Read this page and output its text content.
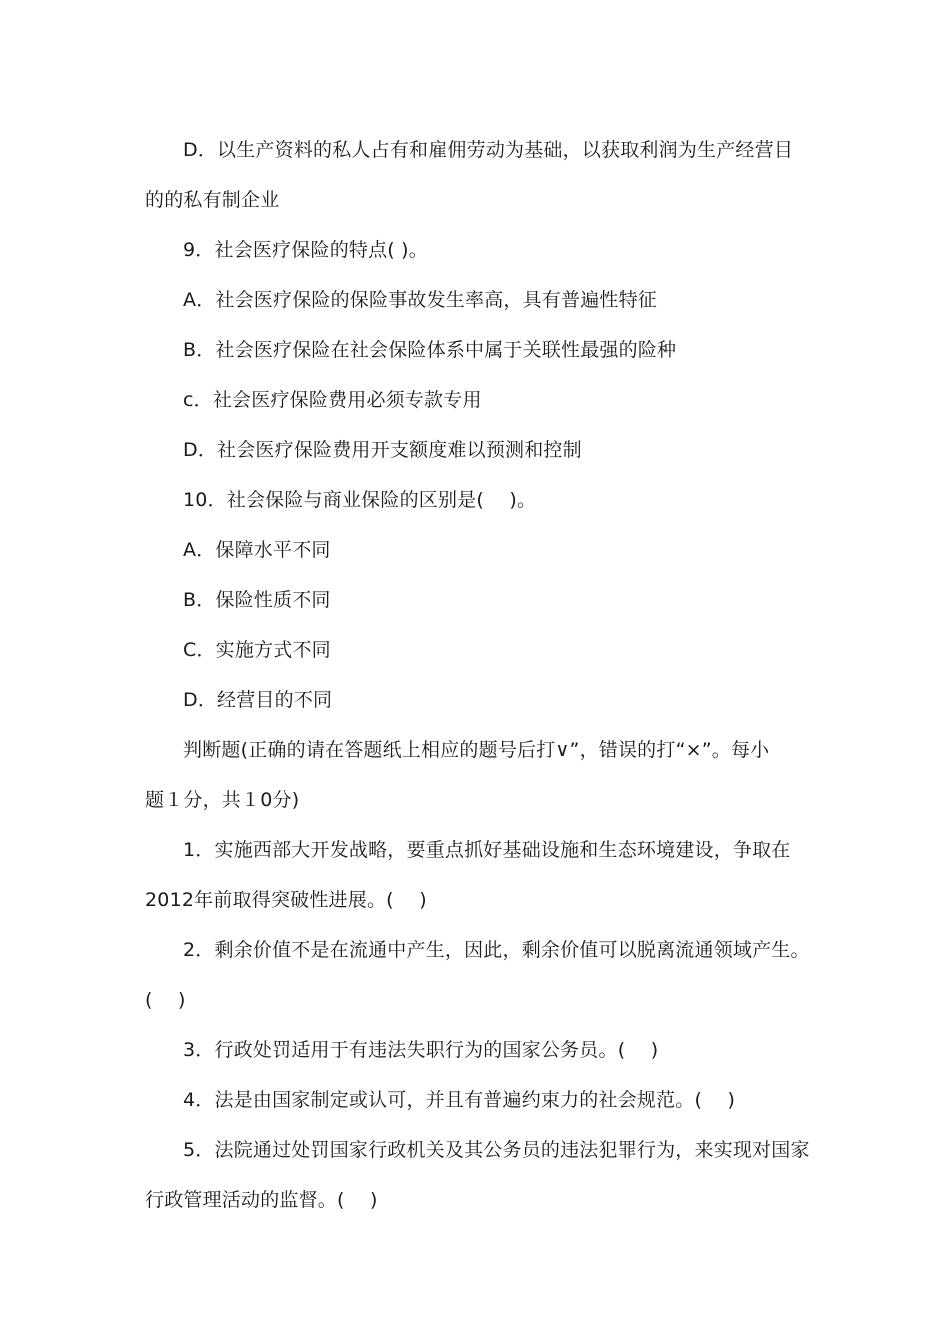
D．以生产资料的私人占有和雇佣劳动为基础，以获取利润为生产经营目
的的私有制企业
9．社会医疗保险的特点( )。
A．社会医疗保险的保险事故发生率高，具有普遍性特征
B．社会医疗保险在社会保险体系中属于关联性最强的险种
c．社会医疗保险费用必须专款专用
D．社会医疗保险费用开支额度难以预测和控制
10．社会保险与商业保险的区别是(　 )。
A．保障水平不同
B．保险性质不同
C．实施方式不同
D．经营目的不同
判断题(正确的请在答题纸上相应的题号后打∨”，错误的打“×”。每小
题１分，共１0分)
1．实施西部大开发战略，要重点抓好基础设施和生态环境建设，争取在
2012年前取得突破性进展。(　 )
2．剩余价值不是在流通中产生，因此，剩余价值可以脱离流通领域产生。
(　 )
3．行政处罚适用于有违法失职行为的国家公务员。(　 )
4．法是由国家制定或认可，并且有普遍约束力的社会规范。(　 )
5．法院通过处罚国家行政机关及其公务员的违法犯罪行为，来实现对国家
行政管理活动的监督。(　 )
